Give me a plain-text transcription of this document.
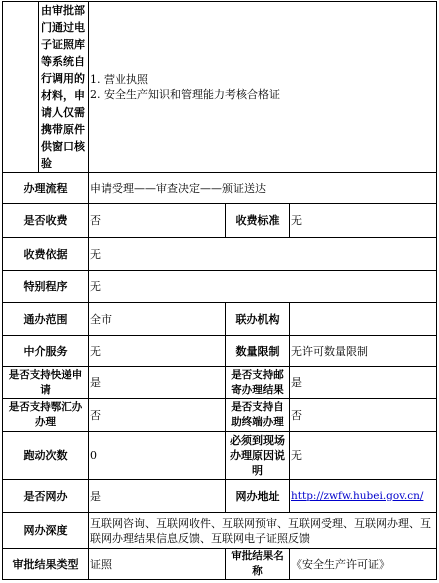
	由审批部门通过电子证照库等系统自行调用的材料，申请人仅需携带原件供窗口核验	1. 营业执照
2. 安全生产知识和管理能力考核合格证		

办理流程		申请受理——审查决定——颁证送达		
是否收费		否	收费标准	无
收费依据		无		
特别程序		无		
通办范围		全市	联办机构	
中介服务		无	数量限制	无许可数量限制
是否支持快递申请		是	是否支持邮寄办理结果	是
是否支持鄂汇办办理		否	是否支持自助终端办理	否
跑动次数		0	必须到现场办理原因说明	无
是否网办		是	网办地址	http://zwfw.hubei.gov.cn/
网办深度		互联网咨询、互联网收件、互联网预审、互联网受理、互联网办理、互联网办理结果信息反馈、互联网电子证照反馈		
审批结果类型		证照	审批结果名称	《安全生产许可证》
